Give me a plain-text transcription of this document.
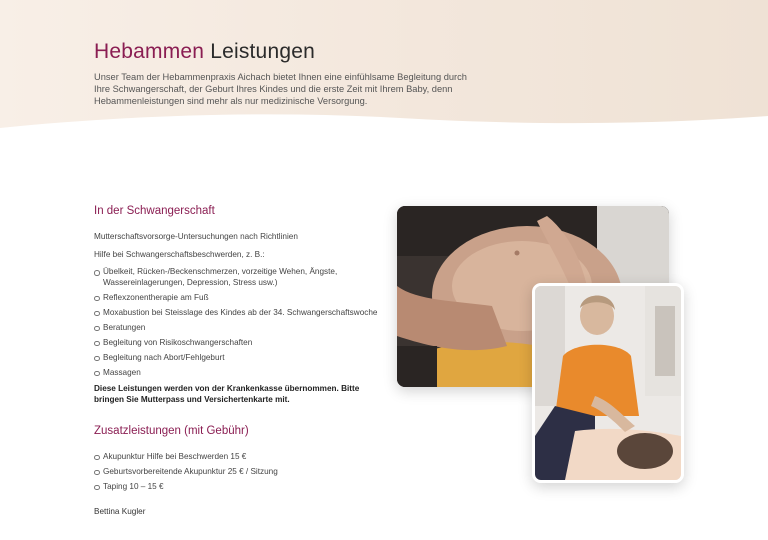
Hebammen Leistungen

Unser Team der Hebammenpraxis Aichach bietet Ihnen eine einfühlsame Begleitung durch Ihre Schwangerschaft, der Geburt Ihres Kindes und die erste Zeit mit Ihrem Baby, denn Hebammenleistungen sind mehr als nur medizinische Versorgung.

In der Schwangerschaft

Mutterschaftsvorsorge-Untersuchungen nach Richtlinien

Hilfe bei Schwangerschaftsbeschwerden, z. B.:

Übelkeit, Rücken-/Beckenschmerzen, vorzeitige Wehen, Ängste, Wassereinlagerungen, Depression, Stress usw.)
Reflexzonentherapie am Fuß
Moxabustion bei Steisslage des Kindes ab der 34. Schwangerschaftswoche
Beratungen
Begleitung von Risikoschwangerschaften
Begleitung nach Abort/Fehlgeburt
Massagen

Diese Leistungen werden von der Krankenkasse übernommen. Bitte bringen Sie Mutterpass und Versichertenkarte mit.

Zusatzleistungen (mit Gebühr)
Akupunktur Hilfe bei Beschwerden 15 €
Geburtsvorbereitende Akupunktur 25 € / Sitzung
Taping 10 – 15 €

Bettina Kugler
